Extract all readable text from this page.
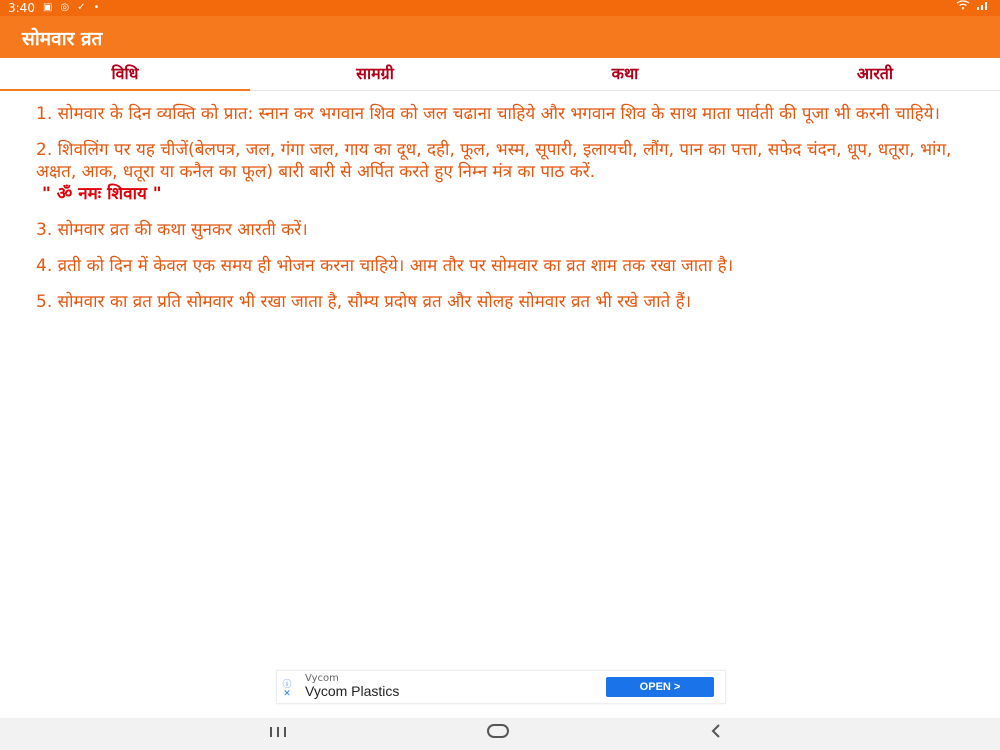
3:40 ▣ ◎ ✓ •
सोमवार व्रत
विधि	सामग्री	कथा	आरती

1. सोमवार के दिन व्यक्ति को प्रात: स्नान कर भगवान शिव को जल चढाना चाहिये और भगवान शिव के साथ माता पार्वती की पूजा भी करनी चाहिये।

2. शिवलिंग पर यह चीजें(बेलपत्र, जल, गंगा जल, गाय का दूध, दही, फूल, भस्म, सूपारी, इलायची, लौंग, पान का पत्ता, सफेद चंदन, धूप, धतूरा, भांग, अक्षत, आक, धतूरा या कनैल का फूल) बारी बारी से अर्पित करते हुए निम्न मंत्र का पाठ करें.
" ॐ नमः शिवाय "

3. सोमवार व्रत की कथा सुनकर आरती करें।

4. व्रती को दिन में केवल एक समय ही भोजन करना चाहिये। आम तौर पर सोमवार का व्रत शाम तक रखा जाता है।

5. सोमवार का व्रत प्रति सोमवार भी रखा जाता है, सौम्य प्रदोष व्रत और सोलह सोमवार व्रत भी रखे जाते हैं।

ⓘ
✕
Vycom
Vycom Plastics	OPEN >
